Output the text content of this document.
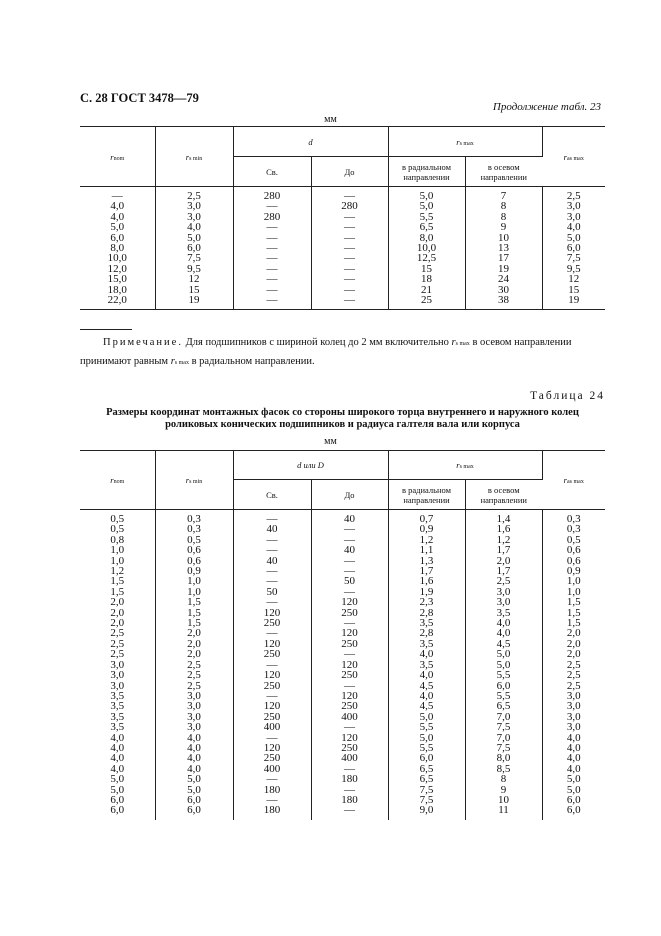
С. 28 ГОСТ 3478—79
Продолжение табл. 23
мм
rnom	rs min	d		rs max		ras max
		Св.	До	в радиальном направлении	в осевом направлении	
—	2,5	280	—	5,0	7	2,5
4,0	3,0	—	280	5,0	8	3,0
4,0	3,0	280	—	5,5	8	3,0
5,0	4,0	—	—	6,5	9	4,0
6,0	5,0	—	—	8,0	10	5,0
8,0	6,0	—	—	10,0	13	6,0
10,0	7,5	—	—	12,5	17	7,5
12,0	9,5	—	—	15	19	9,5
15,0	12	—	—	18	24	12
18,0	15	—	—	21	30	15
22,0	19	—	—	25	38	19
Примечание. Для подшипников с шириной колец до 2 мм включительно rs max в осевом направлении принимают равным rs max в радиальном направлении.
Таблица 24
Размеры координат монтажных фасок со стороны широкого торца внутреннего и наружного колец роликовых конических подшипников и радиуса галтеля вала или корпуса
мм
rnom	rs min	d или D		rs max		ras max
		Св.	До	в радиальном направлении	в осевом направлении	
0,5	0,3	—	40	0,7	1,4	0,3
0,5	0,3	40	—	0,9	1,6	0,3
0,8	0,5	—	—	1,2	1,2	0,5
1,0	0,6	—	40	1,1	1,7	0,6
1,0	0,6	40	—	1,3	2,0	0,6
1,2	0,9	—	—	1,7	1,7	0,9
1,5	1,0	—	50	1,6	2,5	1,0
1,5	1,0	50	—	1,9	3,0	1,0
2,0	1,5	—	120	2,3	3,0	1,5
2,0	1,5	120	250	2,8	3,5	1,5
2,0	1,5	250	—	3,5	4,0	1,5
2,5	2,0	—	120	2,8	4,0	2,0
2,5	2,0	120	250	3,5	4,5	2,0
2,5	2,0	250	—	4,0	5,0	2,0
3,0	2,5	—	120	3,5	5,0	2,5
3,0	2,5	120	250	4,0	5,5	2,5
3,0	2,5	250	—	4,5	6,0	2,5
3,5	3,0	—	120	4,0	5,5	3,0
3,5	3,0	120	250	4,5	6,5	3,0
3,5	3,0	250	400	5,0	7,0	3,0
3,5	3,0	400	—	5,5	7,5	3,0
4,0	4,0	—	120	5,0	7,0	4,0
4,0	4,0	120	250	5,5	7,5	4,0
4,0	4,0	250	400	6,0	8,0	4,0
4,0	4,0	400	—	6,5	8,5	4,0
5,0	5,0	—	180	6,5	8	5,0
5,0	5,0	180	—	7,5	9	5,0
6,0	6,0	—	180	7,5	10	6,0
6,0	6,0	180	—	9,0	11	6,0
